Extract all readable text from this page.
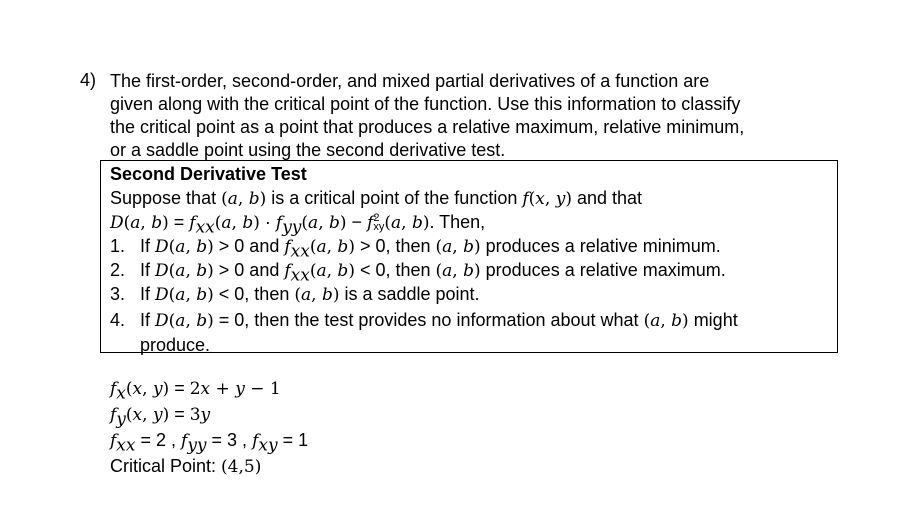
4) The first-order, second-order, and mixed partial derivatives of a function are
given along with the critical point of the function. Use this information to classify
the critical point as a point that produces a relative maximum, relative minimum,
or a saddle point using the second derivative test.
Second Derivative Test
Suppose that (a, b) is a critical point of the function f(x, y) and that
D(a, $b) = f_{xx}(a$, $b) \cdot f_{yy}(a$, b) − f 2
xy (a, b). Then,
1. If D(a, b) > 0 and $f_{xx}(a$, b) > 0, then (a, b) produces a relative minimum.
2. If D(a, b) > 0 and $f_{xx}(a$, b) < 0, then (a, b) produces a relative maximum.
3. If D(a, b) < 0, then (a, b) is a saddle point.
4. If D(a, b) = 0, then the test provides no information about what (a, b) might produce.
$f_x(x$, y) = 2x + y − 1
$f_y(x$, y) = 3y
$f_{xx} = 2$ , $f_{yy} = 3$ , $f_{xy} = 1$
Critical Point: (4,5)
